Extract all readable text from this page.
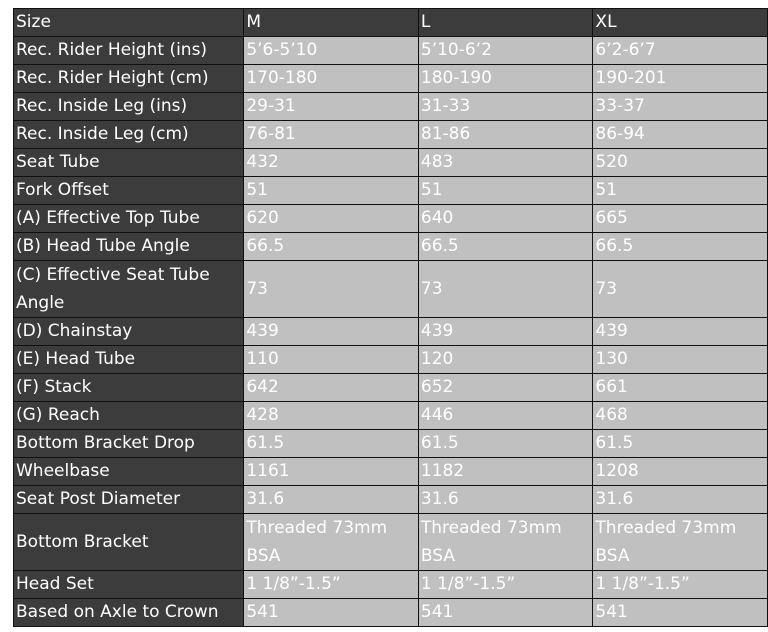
Size	M	L	XL
Rec. Rider Height (ins)	5’6-5’10	5’10-6’2	6’2-6’7
Rec. Rider Height (cm)	170-180	180-190	190-201
Rec. Inside Leg (ins)	29-31	31-33	33-37
Rec. Inside Leg (cm)	76-81	81-86	86-94
Seat Tube	432	483	520
Fork Offset	51	51	51
(A) Effective Top Tube	620	640	665
(B) Head Tube Angle	66.5	66.5	66.5
(C) Effective Seat Tube Angle	73	73	73
(D) Chainstay	439	439	439
(E) Head Tube	110	120	130
(F) Stack	642	652	661
(G) Reach	428	446	468
Bottom Bracket Drop	61.5	61.5	61.5
Wheelbase	1161	1182	1208
Seat Post Diameter	31.6	31.6	31.6
Bottom Bracket	Threaded 73mm BSA	Threaded 73mm BSA	Threaded 73mm BSA
Head Set	1 1/8”-1.5”	1 1/8”-1.5”	1 1/8”-1.5”
Based on Axle to Crown	541	541	541
